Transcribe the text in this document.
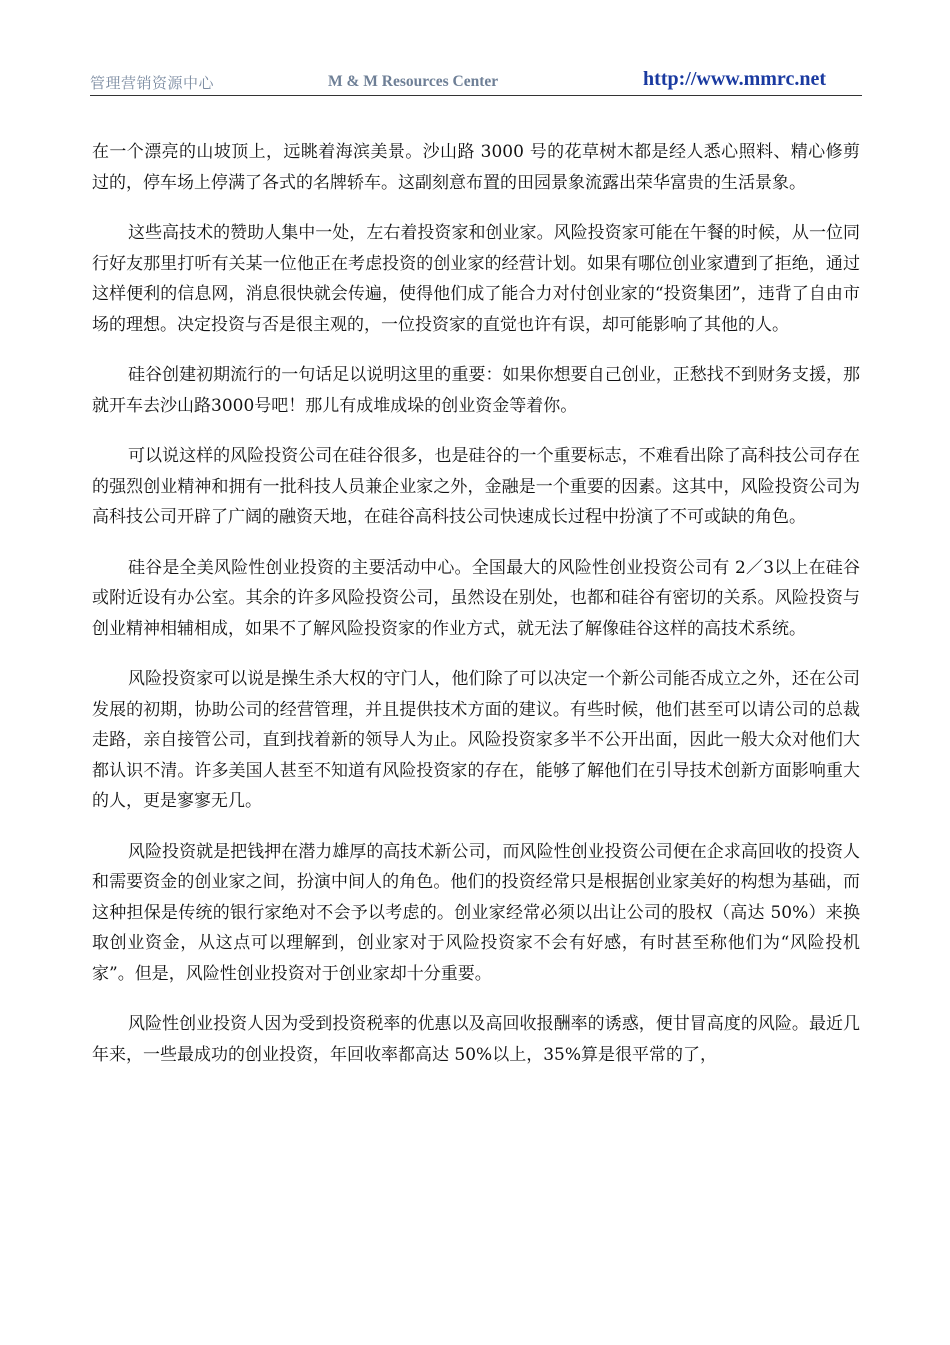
管理营销资源中心	M & M Resources Center	http://www.mmrc.net

在一个漂亮的山坡顶上，远眺着海滨美景。沙山路 3000 号的花草树木都是经人悉心照料、精心修剪过的，停车场上停满了各式的名牌轿车。这副刻意布置的田园景象流露出荣华富贵的生活景象。

这些高技术的赞助人集中一处，左右着投资家和创业家。风险投资家可能在午餐的时候，从一位同行好友那里打听有关某一位他正在考虑投资的创业家的经营计划。如果有哪位创业家遭到了拒绝，通过这样便利的信息网，消息很快就会传遍，使得他们成了能合力对付创业家的“投资集团”，违背了自由市场的理想。决定投资与否是很主观的，一位投资家的直觉也许有误，却可能影响了其他的人。

硅谷创建初期流行的一句话足以说明这里的重要：如果你想要自己创业，正愁找不到财务支援，那就开车去沙山路3000号吧！那儿有成堆成垛的创业资金等着你。

可以说这样的风险投资公司在硅谷很多，也是硅谷的一个重要标志，不难看出除了高科技公司存在的强烈创业精神和拥有一批科技人员兼企业家之外，金融是一个重要的因素。这其中，风险投资公司为高科技公司开辟了广阔的融资天地，在硅谷高科技公司快速成长过程中扮演了不可或缺的角色。

硅谷是全美风险性创业投资的主要活动中心。全国最大的风险性创业投资公司有 2／3以上在硅谷或附近设有办公室。其余的许多风险投资公司，虽然设在别处，也都和硅谷有密切的关系。风险投资与创业精神相辅相成，如果不了解风险投资家的作业方式，就无法了解像硅谷这样的高技术系统。

风险投资家可以说是操生杀大权的守门人，他们除了可以决定一个新公司能否成立之外，还在公司发展的初期，协助公司的经营管理，并且提供技术方面的建议。有些时候，他们甚至可以请公司的总裁走路，亲自接管公司，直到找着新的领导人为止。风险投资家多半不公开出面，因此一般大众对他们大都认识不清。许多美国人甚至不知道有风险投资家的存在，能够了解他们在引导技术创新方面影响重大的人，更是寥寥无几。

风险投资就是把钱押在潜力雄厚的高技术新公司，而风险性创业投资公司便在企求高回收的投资人和需要资金的创业家之间，扮演中间人的角色。他们的投资经常只是根据创业家美好的构想为基础，而这种担保是传统的银行家绝对不会予以考虑的。创业家经常必须以出让公司的股权（高达 50%）来换取创业资金，从这点可以理解到，创业家对于风险投资家不会有好感，有时甚至称他们为“风险投机家”。但是，风险性创业投资对于创业家却十分重要。

风险性创业投资人因为受到投资税率的优惠以及高回收报酬率的诱惑，便甘冒高度的风险。最近几年来，一些最成功的创业投资，年回收率都高达 50%以上，35%算是很平常的了，
